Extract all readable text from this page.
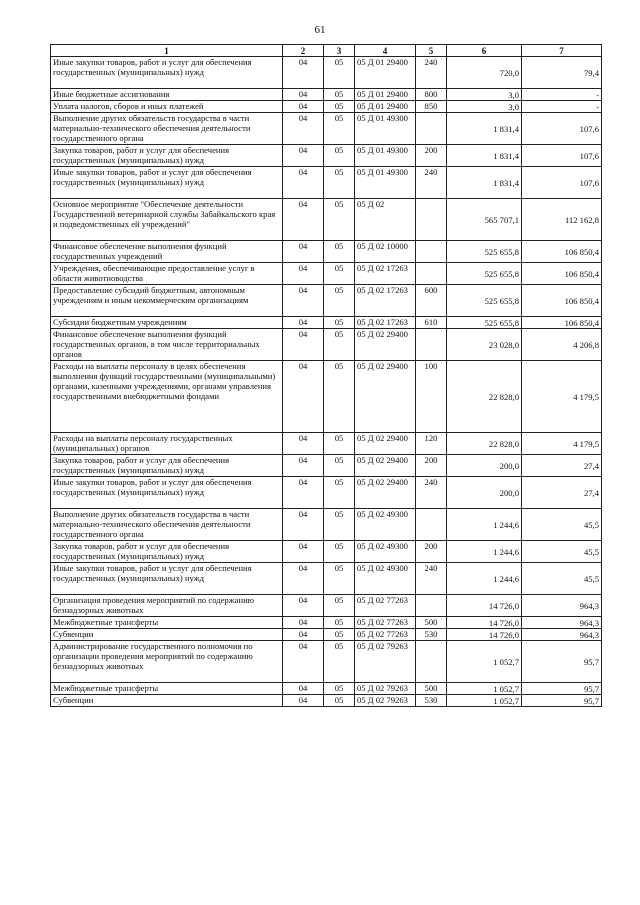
61
1	2	3	4	5	6	7
Иные закупки товаров, работ и услуг для обеспечения государственных (муниципальных) нужд	04	05	05 Д 01 29400	240	720,0	79,4
Иные бюджетные ассигнования	04	05	05 Д 01 29400	800	3,0	-
Уплата налогов, сборов и иных платежей	04	05	05 Д 01 29400	850	3,0	-
Выполнение других обязательств государства в части материально-технического обеспечения деятельности государственного органа	04	05	05 Д 01 49300		1 831,4	107,6
Закупка товаров, работ и услуг для обеспечения государственных (муниципальных) нужд	04	05	05 Д 01 49300	200	1 831,4	107,6
Иные закупки товаров, работ и услуг для обеспечения государственных (муниципальных) нужд	04	05	05 Д 01 49300	240	1 831,4	107,6
Основное мероприятие "Обеспечение деятельности Государственной ветеринарной службы Забайкальского края и подведомственных ей учреждений"	04	05	05 Д 02		565 707,1	112 162,8
Финансовое обеспечение выполнения функций государственных учреждений	04	05	05 Д 02 10000		525 655,8	106 850,4
Учреждения, обеспечивающие предоставление услуг в области животноводства	04	05	05 Д 02 17263		525 655,8	106 850,4
Предоставление субсидий бюджетным, автономным учреждениям и иным некоммерческим организациям	04	05	05 Д 02 17263	600	525 655,8	106 850,4
Субсидии бюджетным учреждениям	04	05	05 Д 02 17263	610	525 655,8	106 850,4
Финансовое обеспечение выполнения функций государственных органов, в том числе территориальных органов	04	05	05 Д 02 29400		23 028,0	4 206,8
Расходы на выплаты персоналу в целях обеспечения выполнения функций государственными (муниципальными) органами, казенными учреждениями, органами управления государственными внебюджетными фондами	04	05	05 Д 02 29400	100	22 828,0	4 179,5
Расходы на выплаты персоналу государственных (муниципальных) органов	04	05	05 Д 02 29400	120	22 828,0	4 179,5
Закупка товаров, работ и услуг для обеспечения государственных (муниципальных) нужд	04	05	05 Д 02 29400	200	200,0	27,4
Иные закупки товаров, работ и услуг для обеспечения государственных (муниципальных) нужд	04	05	05 Д 02 29400	240	200,0	27,4
Выполнение других обязательств государства в части материально-технического обеспечения деятельности государственного органа	04	05	05 Д 02 49300		1 244,6	45,5
Закупка товаров, работ и услуг для обеспечения государственных (муниципальных) нужд	04	05	05 Д 02 49300	200	1 244,6	45,5
Иные закупки товаров, работ и услуг для обеспечения государственных (муниципальных) нужд	04	05	05 Д 02 49300	240	1 244,6	45,5
Организация проведения мероприятий по содержанию безнадзорных животных	04	05	05 Д 02 77263		14 726,0	964,3
Межбюджетные трансферты	04	05	05 Д 02 77263	500	14 726,0	964,3
Субвенции	04	05	05 Д 02 77263	530	14 726,0	964,3
Администрирование государственного полномочия по организации проведения мероприятий по содержанию безнадзорных животных	04	05	05 Д 02 79263		1 052,7	95,7
Межбюджетные трансферты	04	05	05 Д 02 79263	500	1 052,7	95,7
Субвенции	04	05	05 Д 02 79263	530	1 052,7	95,7
